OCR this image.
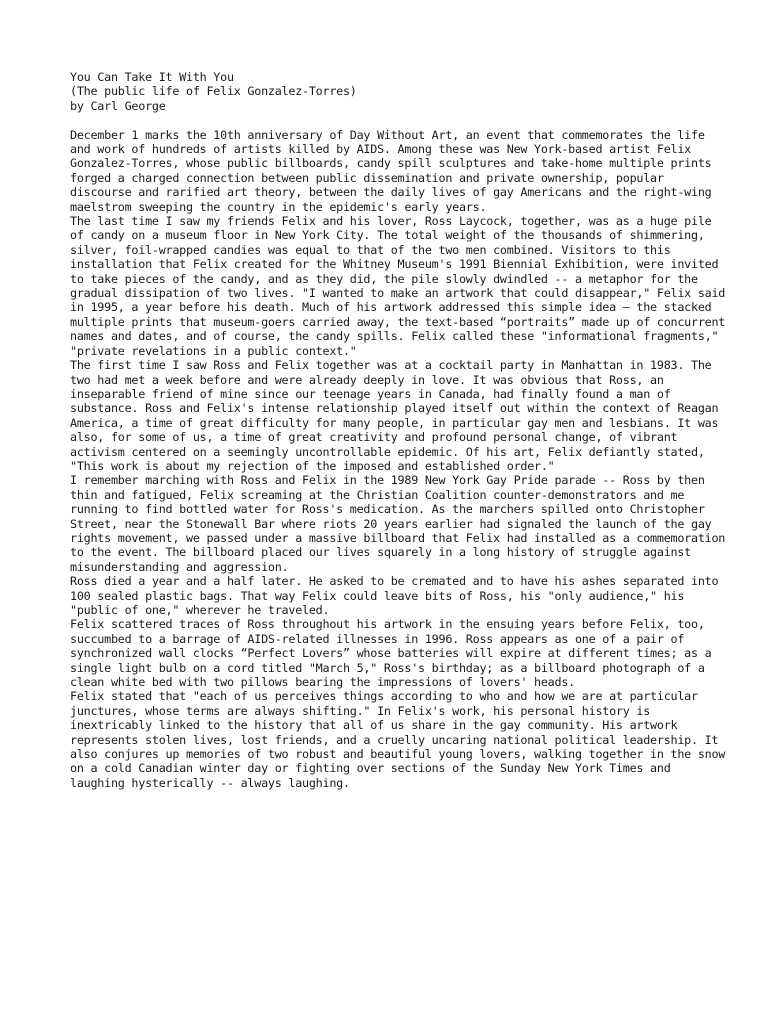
You Can Take It With You
(The public life of Felix Gonzalez-Torres)
by Carl George

December 1 marks the 10th anniversary of Day Without Art, an event that commemorates the life and work of hundreds of artists killed by AIDS. Among these was New York-based artist Felix Gonzalez-Torres, whose public billboards, candy spill sculptures and take-home multiple prints forged a charged connection between public dissemination and private ownership, popular discourse and rarified art theory, between the daily lives of gay Americans and the right-wing maelstrom sweeping the country in the epidemic's early years.

The last time I saw my friends Felix and his lover, Ross Laycock, together, was as a huge pile of candy on a museum floor in New York City. The total weight of the thousands of shimmering, silver, foil-wrapped candies was equal to that of the two men combined. Visitors to this installation that Felix created for the Whitney Museum's 1991 Biennial Exhibition, were invited to take pieces of the candy, and as they did, the pile slowly dwindled -- a metaphor for the gradual dissipation of two lives. "I wanted to make an artwork that could disappear," Felix said in 1995, a year before his death. Much of his artwork addressed this simple idea — the stacked multiple prints that museum-goers carried away, the text-based “portraits” made up of concurrent names and dates, and of course, the candy spills. Felix called these "informational fragments," "private revelations in a public context."

The first time I saw Ross and Felix together was at a cocktail party in Manhattan in 1983. The two had met a week before and were already deeply in love. It was obvious that Ross, an inseparable friend of mine since our teenage years in Canada, had finally found a man of substance. Ross and Felix's intense relationship played itself out within the context of Reagan America, a time of great difficulty for many people, in particular gay men and lesbians. It was also, for some of us, a time of great creativity and profound personal change, of vibrant activism centered on a seemingly uncontrollable epidemic. Of his art, Felix defiantly stated, "This work is about my rejection of the imposed and established order."

I remember marching with Ross and Felix in the 1989 New York Gay Pride parade -- Ross by then thin and fatigued, Felix screaming at the Christian Coalition counter-demonstrators and me running to find bottled water for Ross's medication. As the marchers spilled onto Christopher Street, near the Stonewall Bar where riots 20 years earlier had signaled the launch of the gay rights movement, we passed under a massive billboard that Felix had installed as a commemoration to the event. The billboard placed our lives squarely in a long history of struggle against misunderstanding and aggression.

Ross died a year and a half later. He asked to be cremated and to have his ashes separated into 100 sealed plastic bags. That way Felix could leave bits of Ross, his "only audience," his "public of one," wherever he traveled.

Felix scattered traces of Ross throughout his artwork in the ensuing years before Felix, too, succumbed to a barrage of AIDS-related illnesses in 1996. Ross appears as one of a pair of synchronized wall clocks “Perfect Lovers” whose batteries will expire at different times; as a single light bulb on a cord titled "March 5," Ross's birthday; as a billboard photograph of a clean white bed with two pillows bearing the impressions of lovers' heads.

Felix stated that "each of us perceives things according to who and how we are at particular junctures, whose terms are always shifting." In Felix's work, his personal history is inextricably linked to the history that all of us share in the gay community. His artwork represents stolen lives, lost friends, and a cruelly uncaring national political leadership. It also conjures up memories of two robust and beautiful young lovers, walking together in the snow on a cold Canadian winter day or fighting over sections of the Sunday New York Times and laughing hysterically -- always laughing.
